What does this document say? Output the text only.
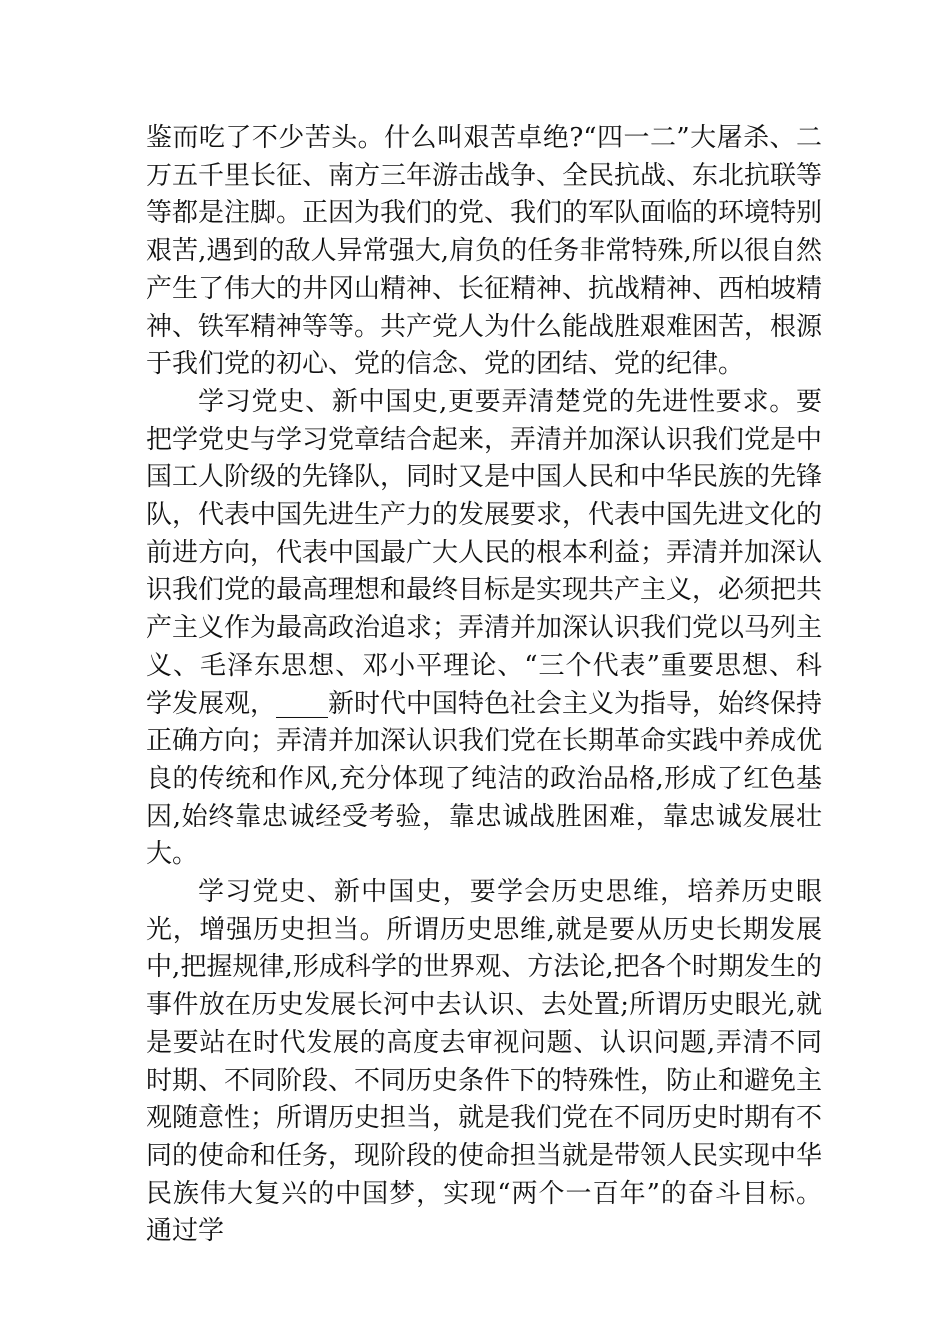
鉴而吃了不少苦头。什么叫艰苦卓绝?“四一二”大屠杀、二万五千里长征、南方三年游击战争、全民抗战、东北抗联等等都是注脚。正因为我们的党、我们的军队面临的环境特别艰苦,遇到的敌人异常强大,肩负的任务非常特殊,所以很自然产生了伟大的井冈山精神、长征精神、抗战精神、西柏坡精神、铁军精神等等。共产党人为什么能战胜艰难困苦，根源于我们党的初心、党的信念、党的团结、党的纪律。

学习党史、新中国史,更要弄清楚党的先进性要求。要把学党史与学习党章结合起来，弄清并加深认识我们党是中国工人阶级的先锋队，同时又是中国人民和中华民族的先锋队，代表中国先进生产力的发展要求，代表中国先进文化的前进方向，代表中国最广大人民的根本利益；弄清并加深认识我们党的最高理想和最终目标是实现共产主义，必须把共产主义作为最高政治追求；弄清并加深认识我们党以马列主义、毛泽东思想、邓小平理论、“三个代表”重要思想、科学发展观，____新时代中国特色社会主义为指导，始终保持正确方向；弄清并加深认识我们党在长期革命实践中养成优良的传统和作风,充分体现了纯洁的政治品格,形成了红色基因,始终靠忠诚经受考验，靠忠诚战胜困难，靠忠诚发展壮大。

学习党史、新中国史，要学会历史思维，培养历史眼光，增强历史担当。所谓历史思维,就是要从历史长期发展中,把握规律,形成科学的世界观、方法论,把各个时期发生的事件放在历史发展长河中去认识、去处置;所谓历史眼光,就是要站在时代发展的高度去审视问题、认识问题,弄清不同时期、不同阶段、不同历史条件下的特殊性，防止和避免主观随意性；所谓历史担当，就是我们党在不同历史时期有不同的使命和任务，现阶段的使命担当就是带领人民实现中华民族伟大复兴的中国梦，实现“两个一百年”的奋斗目标。通过学
